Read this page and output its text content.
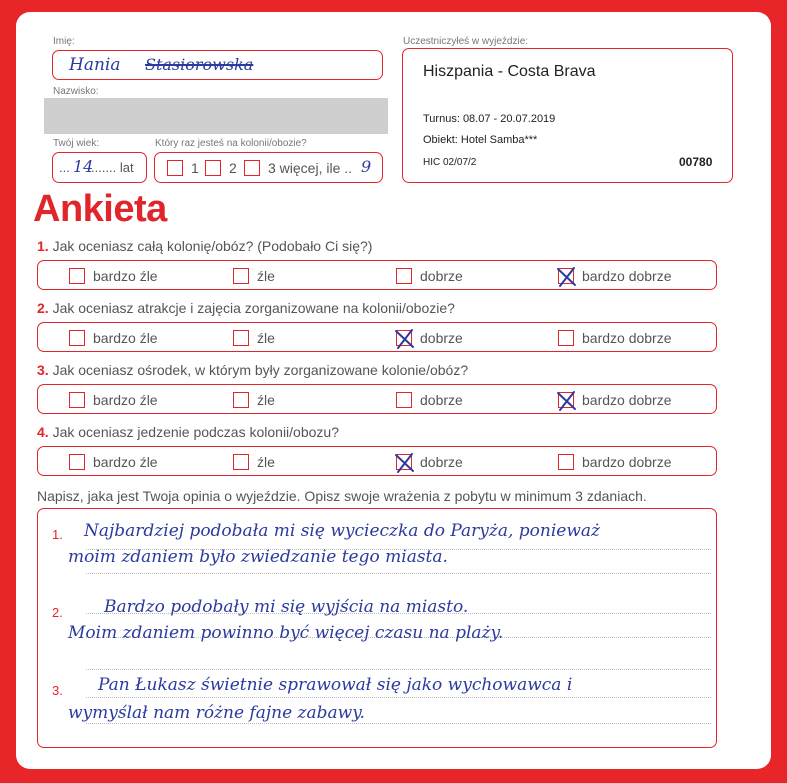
Imię:
Hania Stasiorowska
Nazwisko:
Twój wiek:
... 14
....... lat
Który raz jesteś na kolonii/obozie?
1 2 3 więcej, ile .. 9
Uczestniczyłeś w wyjeździe:
Hiszpania - Costa Brava
Turnus: 08.07 - 20.07.2019
Obiekt: Hotel Samba***
HIC 02/07/2	00780
Ankieta
1. Jak oceniasz całą kolonię/obóz? (Podobało Ci się?)
bardzo źle	źle	dobrze	bardzo dobrze
2. Jak oceniasz atrakcje i zajęcia zorganizowane na kolonii/obozie?
bardzo źle	źle	dobrze	bardzo dobrze
3. Jak oceniasz ośrodek, w którym były zorganizowane kolonie/obóz?
bardzo źle	źle	dobrze	bardzo dobrze
4. Jak oceniasz jedzenie podczas kolonii/obozu?
bardzo źle	źle	dobrze	bardzo dobrze
Napisz, jaka jest Twoja opinia o wyjeździe. Opisz swoje wrażenia z pobytu w minimum 3 zdaniach.
1. Najbardziej podobała mi się wycieczka do Paryża, ponieważ
moim zdaniem było zwiedzanie tego miasta.
2. Bardzo podobały mi się wyjścia na miasto.
Moim zdaniem powinno być więcej czasu na plaży.
3. Pan Łukasz świetnie sprawował się jako wychowawca i
wymyślał nam różne fajne zabawy.
